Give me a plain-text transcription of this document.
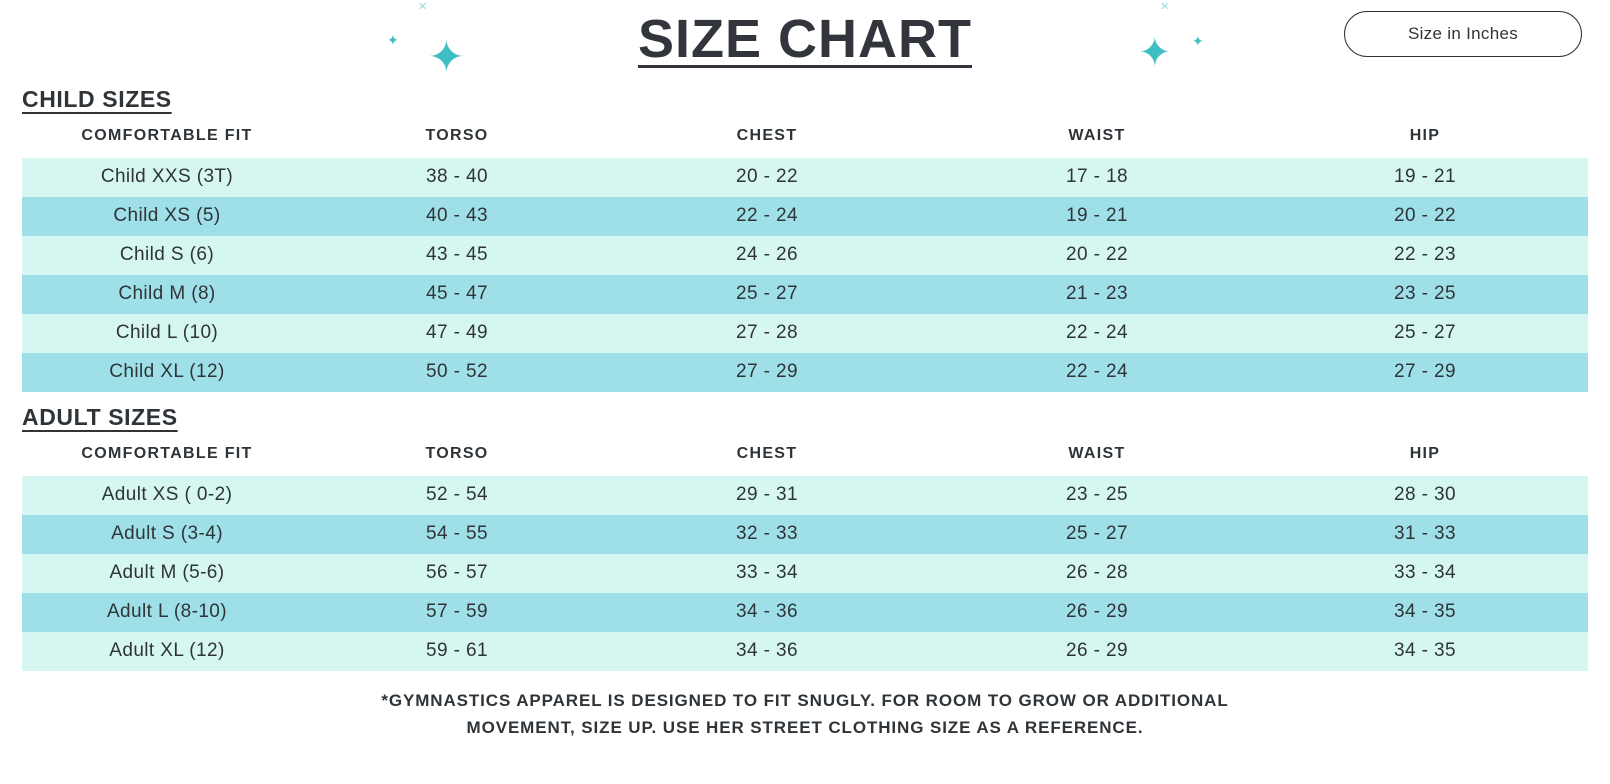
✦
✦
✕
✦ ✦
✕
SIZE CHART	Size in Inches
CHILD SIZES
COMFORTABLE FIT	TORSO	CHEST	WAIST	HIP
Child XXS (3T)	38 - 40	20 - 22	17 - 18	19 - 21
Child XS (5)	40 - 43	22 - 24	19 - 21	20 - 22
Child S (6)	43 - 45	24 - 26	20 - 22	22 - 23
Child M (8)	45 - 47	25 - 27	21 - 23	23 - 25
Child L (10)	47 - 49	27 - 28	22 - 24	25 - 27
Child XL (12)	50 - 52	27 - 29	22 - 24	27 - 29
ADULT SIZES
COMFORTABLE FIT	TORSO	CHEST	WAIST	HIP
Adult XS ( 0-2)	52 - 54	29 - 31	23 - 25	28 - 30
Adult S (3-4)	54 - 55	32 - 33	25 - 27	31 - 33
Adult M (5-6)	56 - 57	33 - 34	26 - 28	33 - 34
Adult L (8-10)	57 - 59	34 - 36	26 - 29	34 - 35
Adult XL (12)	59 - 61	34 - 36	26 - 29	34 - 35
*GYMNASTICS APPAREL IS DESIGNED TO FIT SNUGLY. FOR ROOM TO GROW OR ADDITIONAL
MOVEMENT, SIZE UP. USE HER STREET CLOTHING SIZE AS A REFERENCE.
